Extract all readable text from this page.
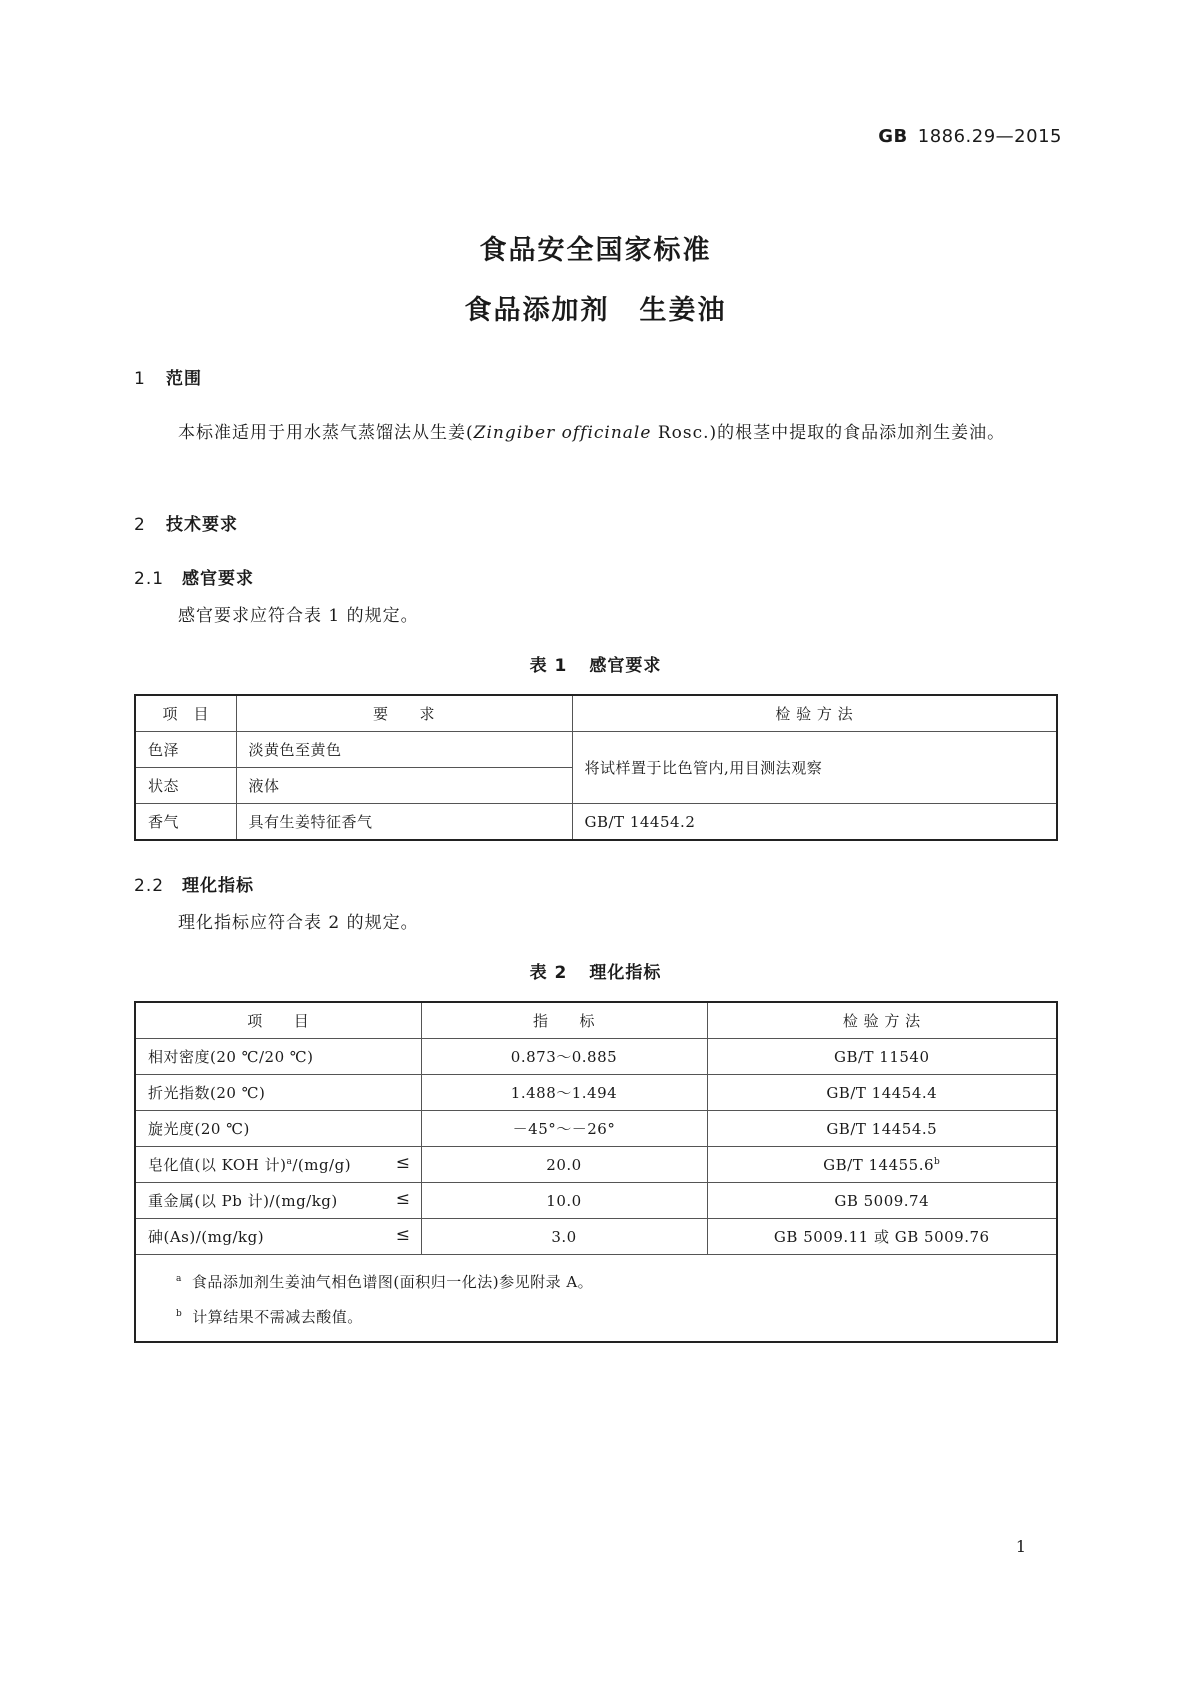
GB 1886.29—2015
食品安全国家标准
食品添加剂 生姜油
1 范围
本标准适用于用水蒸气蒸馏法从生姜(Zingiber officinale Rosc.)的根茎中提取的食品添加剂生姜油。
2 技术要求
2.1 感官要求
感官要求应符合表 1 的规定。
表 1 感官要求
项　目	要　　求	检 验 方 法
色泽	淡黄色至黄色	将试样置于比色管内,用目测法观察
状态	液体	
香气	具有生姜特征香气	GB/T 14454.2
2.2 理化指标
理化指标应符合表 2 的规定。
表 2 理化指标
项　　目	指　　标	检 验 方 法
相对密度(20 ℃/20 ℃)	0.873～0.885	GB/T 11540
折光指数(20 ℃)	1.488～1.494	GB/T 14454.4
旋光度(20 ℃)	－45°～－26°	GB/T 14454.5
皂化值(以 KOH 计)$^a$/(mg/g) ≤	20.0	GB/T 14455.6$^b$
重金属(以 Pb 计)/(mg/kg) ≤	10.0	GB 5009.74
砷(As)/(mg/kg) ≤	3.0	GB 5009.11 或 GB 5009.76

$^a$ 食品添加剂生姜油气相色谱图(面积归一化法)参见附录 A。
$^b$ 计算结果不需减去酸值。		
1
